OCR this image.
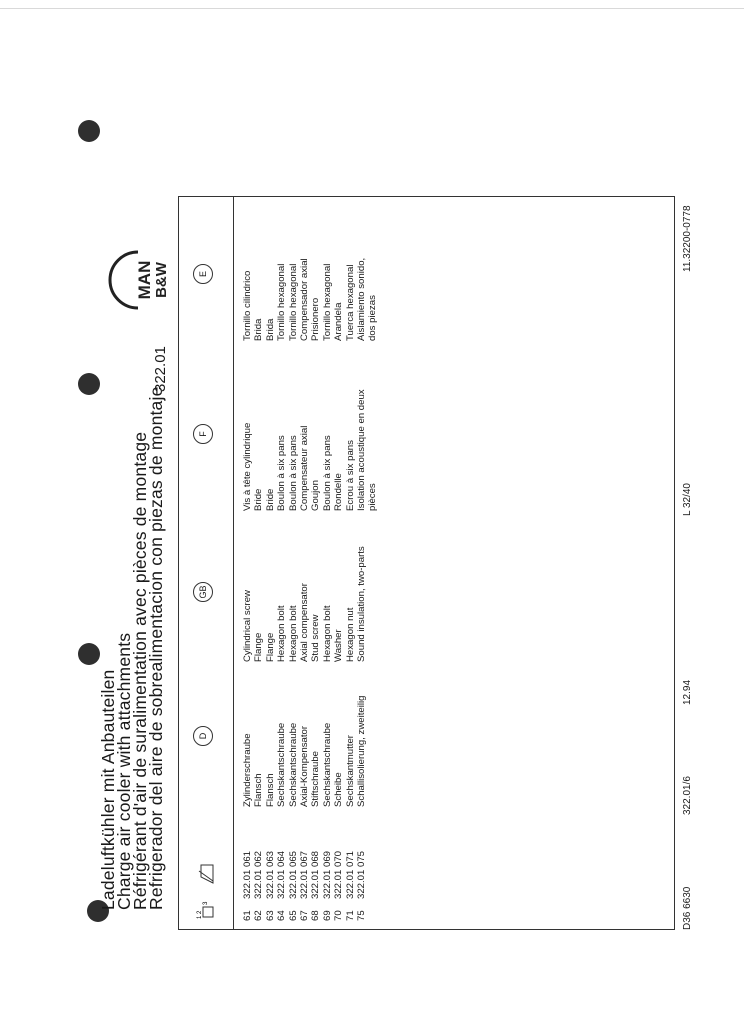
Ladeluftkühler mit Anbauteilen
Charge air cooler with attachments
Réfrigérant d'air de suralimentation avec pièces de montage
Refrigerador del aire de sobrealimentacion con piezas de montaje
322.01
MAN B&W
1 2
3
D
GB
F
E
61
322.01 061
Zylinderschraube
Cylindrical screw
Vis à tête cylindrique
Tornillo cilindrico
62
322.01 062
Flansch
Flange
Bride
Brida
63
322.01 063
Flansch
Flange
Bride
Brida
64
322.01 064
Sechskantschraube
Hexagon bolt
Boulon à six pans
Tornillo hexagonal
65
322.01 065
Sechskantschraube
Hexagon bolt
Boulon à six pans
Tornillo hexagonal
67
322.01 067
Axial-Kompensator
Axial compensator
Compensateur axial
Compensador axial
68
322.01 068
Stiftschraube
Stud screw
Goujon
Prisionero
69
322.01 069
Sechskantschraube
Hexagon bolt
Boulon à six pans
Tornillo hexagonal
70
322.01 070
Scheibe
Washer
Rondelle
Arandela
71
322.01 071
Sechskantmutter
Hexagon nut
Ecrou à six pans
Tuerca hexagonal
75
322.01 075
Schallisolierung, zweiteilig
Sound insulation, two-parts
Isolation acoustique en deux
Aislamiento sonido,
pièces
dos piezas
D36 6630
322.01/6
12.94
L 32/40
11.32200-0778
